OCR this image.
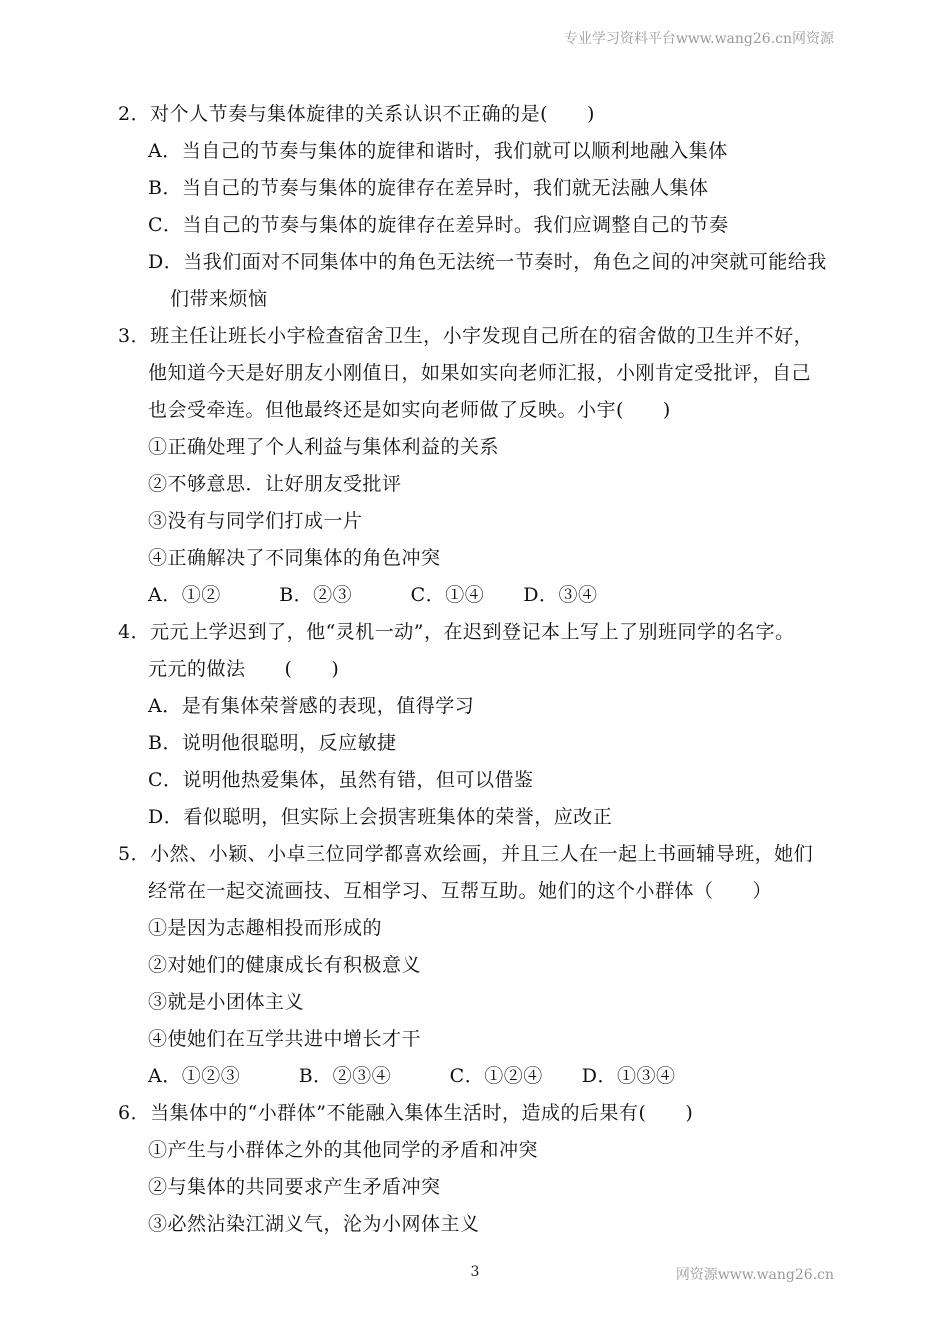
专业学习资料平台www.wang26.cn网资源
2．对个人节奏与集体旋律的关系认识不正确的是(　　)
A．当自己的节奏与集体的旋律和谐时，我们就可以顺利地融入集体
B．当自己的节奏与集体的旋律存在差异时，我们就无法融人集体
C．当自己的节奏与集体的旋律存在差异时。我们应调整自己的节奏
D．当我们面对不同集体中的角色无法统一节奏时，角色之间的冲突就可能给我
们带来烦恼
3．班主任让班长小宇检查宿舍卫生，小宇发现自己所在的宿舍做的卫生并不好，
他知道今天是好朋友小刚值日，如果如实向老师汇报，小刚肯定受批评，自己
也会受牵连。但他最终还是如实向老师做了反映。小宇(　　)
①正确处理了个人利益与集体利益的关系
②不够意思．让好朋友受批评
③没有与同学们打成一片
④正确解决了不同集体的角色冲突
A．①②　　　B．②③　　　C．①④　　D．③④
4．元元上学迟到了，他“灵机一动”，在迟到登记本上写上了别班同学的名字。
元元的做法　　(　　)
A．是有集体荣誉感的表现，值得学习
B．说明他很聪明，反应敏捷
C．说明他热爱集体，虽然有错，但可以借鉴
D．看似聪明，但实际上会损害班集体的荣誉，应改正
5．小然、小颖、小卓三位同学都喜欢绘画，并且三人在一起上书画辅导班，她们
经常在一起交流画技、互相学习、互帮互助。她们的这个小群体（　　）
①是因为志趣相投而形成的
②对她们的健康成长有积极意义
③就是小团体主义
④使她们在互学共进中增长才干
A．①②③　　　B．②③④　　　C．①②④　　D．①③④
6．当集体中的“小群体”不能融入集体生活时，造成的后果有(　　)
①产生与小群体之外的其他同学的矛盾和冲突
②与集体的共同要求产生矛盾冲突
③必然沾染江湖义气，沦为小网体主义
3	网资源www.wang26.cn
